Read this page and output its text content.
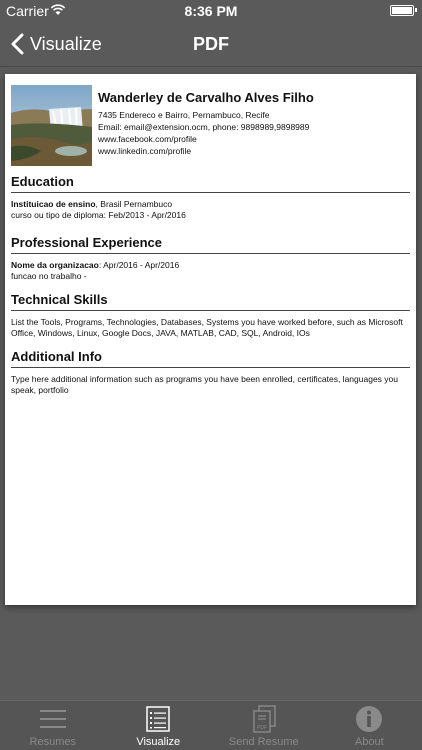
Carrier	8:36 PM
Visualize	PDF
Wanderley de Carvalho Alves Filho
7435 Endereco e Bairro, Pernambuco, Recife
Email: email@extension.ocm, phone: 9898989,9898989
www.facebook.com/profile
www.linkedin.com/profile
Education
Instituicao de ensino, Brasil Pernambuco
curso ou tipo de diploma: Feb/2013 - Apr/2016
Professional Experience
Nome da organizacao: Apr/2016 - Apr/2016
funcao no trabalho -
Technical Skills
List the Tools, Programs, Technologies, Databases, Systems you have worked before, such as Microsoft Office, Windows, Linux, Google Docs, JAVA, MATLAB, CAD, SQL, Android, IOs
Additional Info
Type here additional information such as programs you have been enrolled, certificates, languages you speak, portfolio
Resumes	Visualize
PDF
Send Resume	About
